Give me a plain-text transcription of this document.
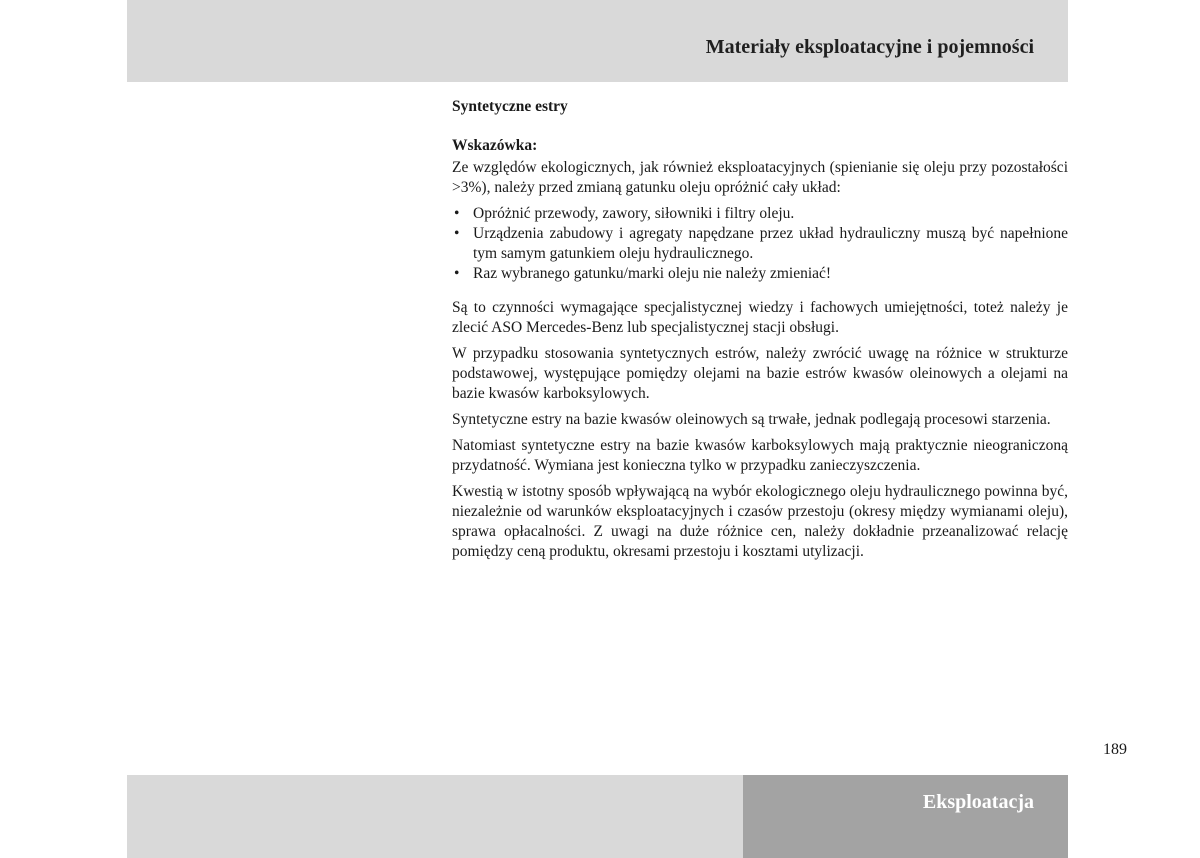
Materiały eksploatacyjne i pojemności
Syntetyczne estry
Wskazówka:

Ze względów ekologicznych, jak również eksploatacyjnych (spienianie się oleju przy pozostałości >3%), należy przed zmianą gatunku oleju opróżnić cały układ:

• Opróżnić przewody, zawory, siłowniki i filtry oleju.
• Urządzenia zabudowy i agregaty napędzane przez układ hydrauliczny muszą być napełnione tym samym gatunkiem oleju hydraulicznego.
• Raz wybranego gatunku/marki oleju nie należy zmieniać!

Są to czynności wymagające specjalistycznej wiedzy i fachowych umiejętności, toteż należy je zlecić ASO Mercedes-Benz lub specjalistycznej stacji obsługi.

W przypadku stosowania syntetycznych estrów, należy zwrócić uwagę na różnice w strukturze podstawowej, występujące pomiędzy olejami na bazie estrów kwasów oleinowych a olejami na bazie kwasów karboksylowych.

Syntetyczne estry na bazie kwasów oleinowych są trwałe, jednak podlegają procesowi starzenia.

Natomiast syntetyczne estry na bazie kwasów karboksylowych mają praktycznie nieograniczoną przydatność. Wymiana jest konieczna tylko w przypadku zanieczyszczenia.

Kwestią w istotny sposób wpływającą na wybór ekologicznego oleju hydraulicznego powinna być, niezależnie od warunków eksploatacyjnych i czasów przestoju (okresy między wymianami oleju), sprawa opłacalności. Z uwagi na duże różnice cen, należy dokładnie przeanalizować relację pomiędzy ceną produktu, okresami przestoju i kosztami utylizacji.

189
Eksploatacja
